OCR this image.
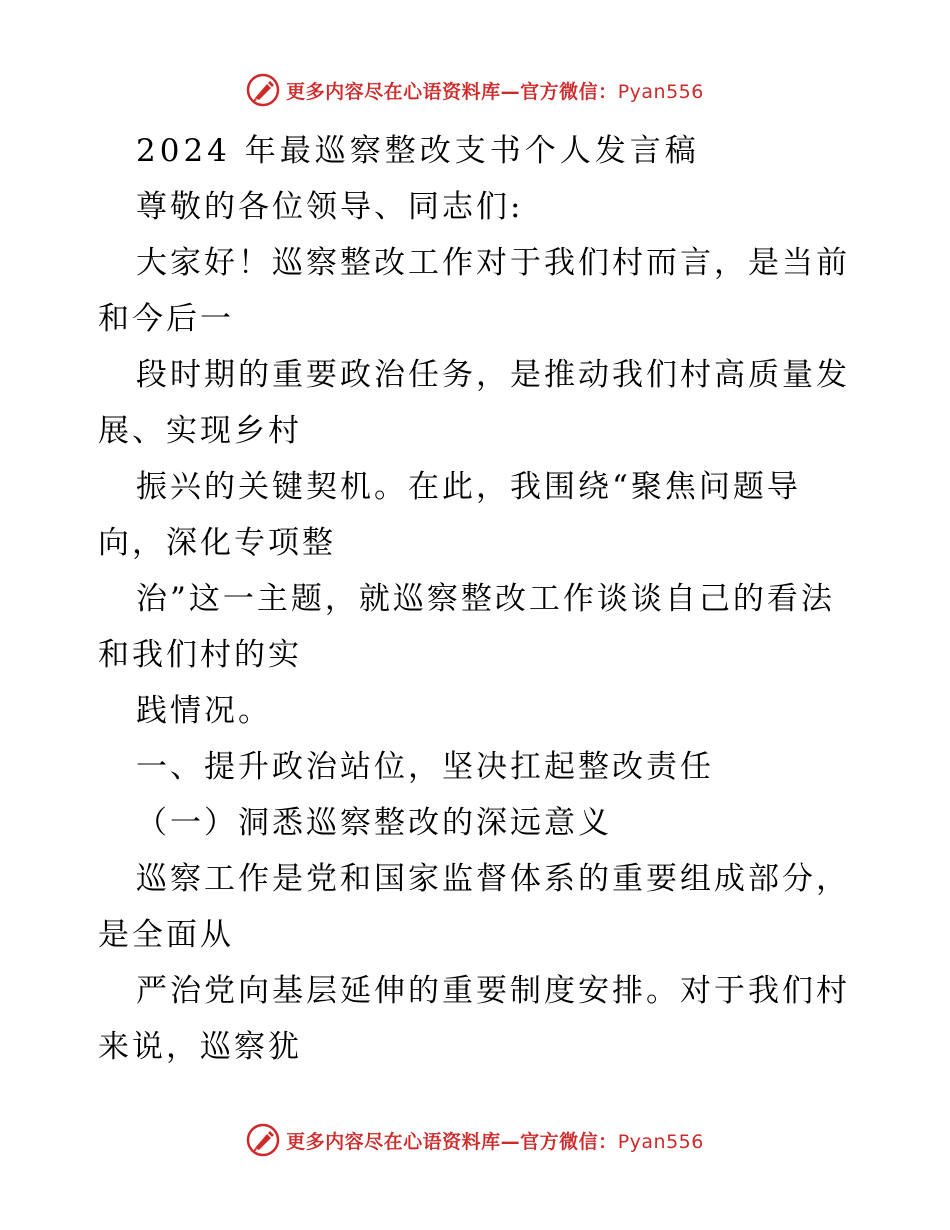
更多内容尽在心语资料库—官方微信：Pyan556
2024 年最巡察整改支书个人发言稿
尊敬的各位领导、同志们:
大家好！巡察整改工作对于我们村而言，是当前
和今后一
段时期的重要政治任务，是推动我们村高质量发
展、实现乡村
振兴的关键契机。在此，我围绕“聚焦问题导
向，深化专项整
治”这一主题，就巡察整改工作谈谈自己的看法
和我们村的实
践情况。
一、提升政治站位，坚决扛起整改责任
（一）洞悉巡察整改的深远意义
巡察工作是党和国家监督体系的重要组成部分，
是全面从
严治党向基层延伸的重要制度安排。对于我们村
来说，巡察犹
更多内容尽在心语资料库—官方微信：Pyan556
